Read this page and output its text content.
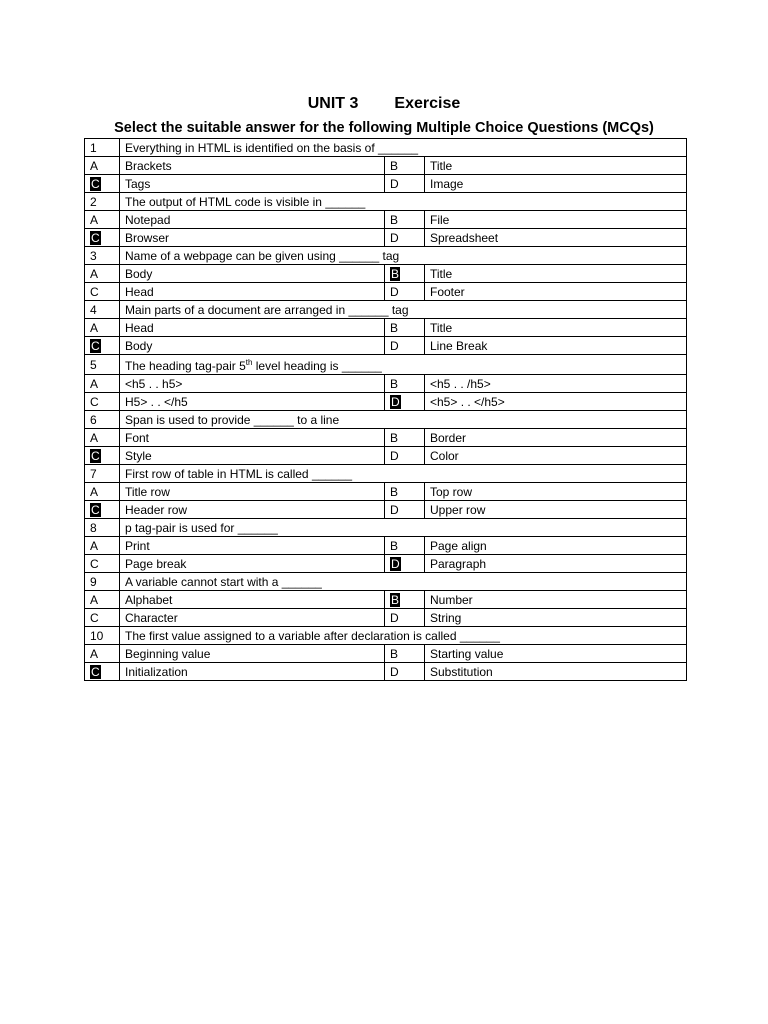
UNIT 3 Exercise
Select the suitable answer for the following Multiple Choice Questions (MCQs)
1	Everything in HTML is identified on the basis of ______		
A	Brackets	B	Title
C	Tags	D	Image
2	The output of HTML code is visible in ______		
A	Notepad	B	File
C	Browser	D	Spreadsheet
3	Name of a webpage can be given using ______ tag		
A	Body	B	Title
C	Head	D	Footer
4	Main parts of a document are arranged in ______ tag		
A	Head	B	Title
C	Body	D	Line Break
5	The heading tag-pair 5th level heading is ______		
A	<h5 . . h5>	B	<h5 . . /h5>
C	H5> . . </h5	D	<h5> . . </h5>
6	Span is used to provide ______ to a line		
A	Font	B	Border
C	Style	D	Color
7	First row of table in HTML is called ______		
A	Title row	B	Top row
C	Header row	D	Upper row
8	p tag-pair is used for ______		
A	Print	B	Page align
C	Page break	D	Paragraph
9	A variable cannot start with a ______		
A	Alphabet	B	Number
C	Character	D	String
10	The first value assigned to a variable after declaration is called ______		
A	Beginning value	B	Starting value
C	Initialization	D	Substitution
